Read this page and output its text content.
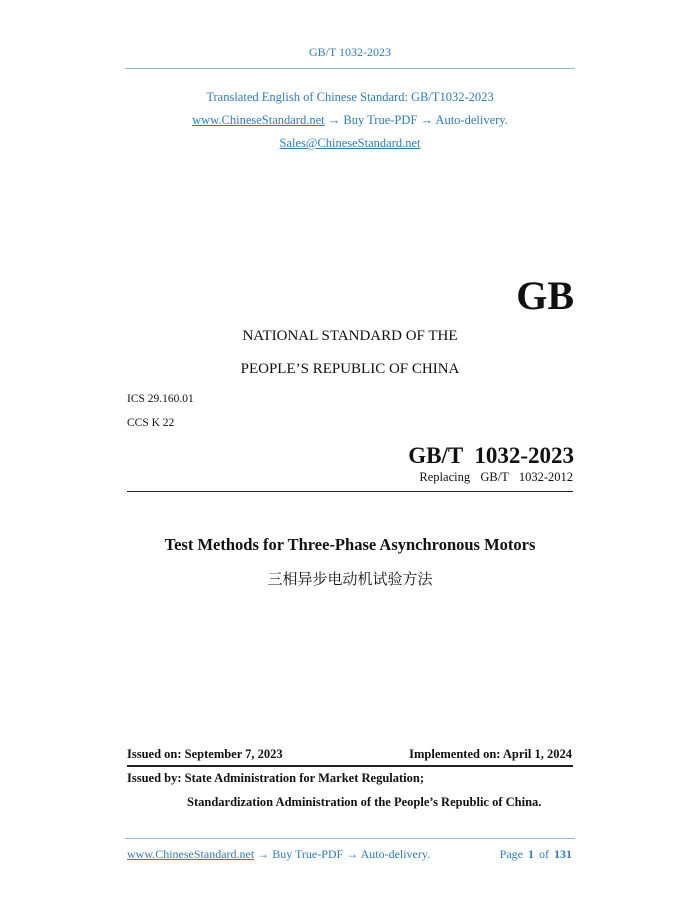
GB/T 1032-2023
Translated English of Chinese Standard: GB/T1032-2023
www.ChineseStandard.net → Buy True-PDF → Auto-delivery.
Sales@ChineseStandard.net
GB
NATIONAL STANDARD OF THE
PEOPLE’S REPUBLIC OF CHINA
ICS 29.160.01
CCS K 22
GB/T  1032-2023
Replacing  GB/T  1032-2012
Test Methods for Three-Phase Asynchronous Motors
三相异步电动机试验方法
Issued on: September 7, 2023	Implemented on: April 1, 2024
Issued by: State Administration for Market Regulation;
Standardization Administration of the People’s Republic of China.
www.ChineseStandard.net → Buy True-PDF → Auto-delivery.	Page 1 of 131
